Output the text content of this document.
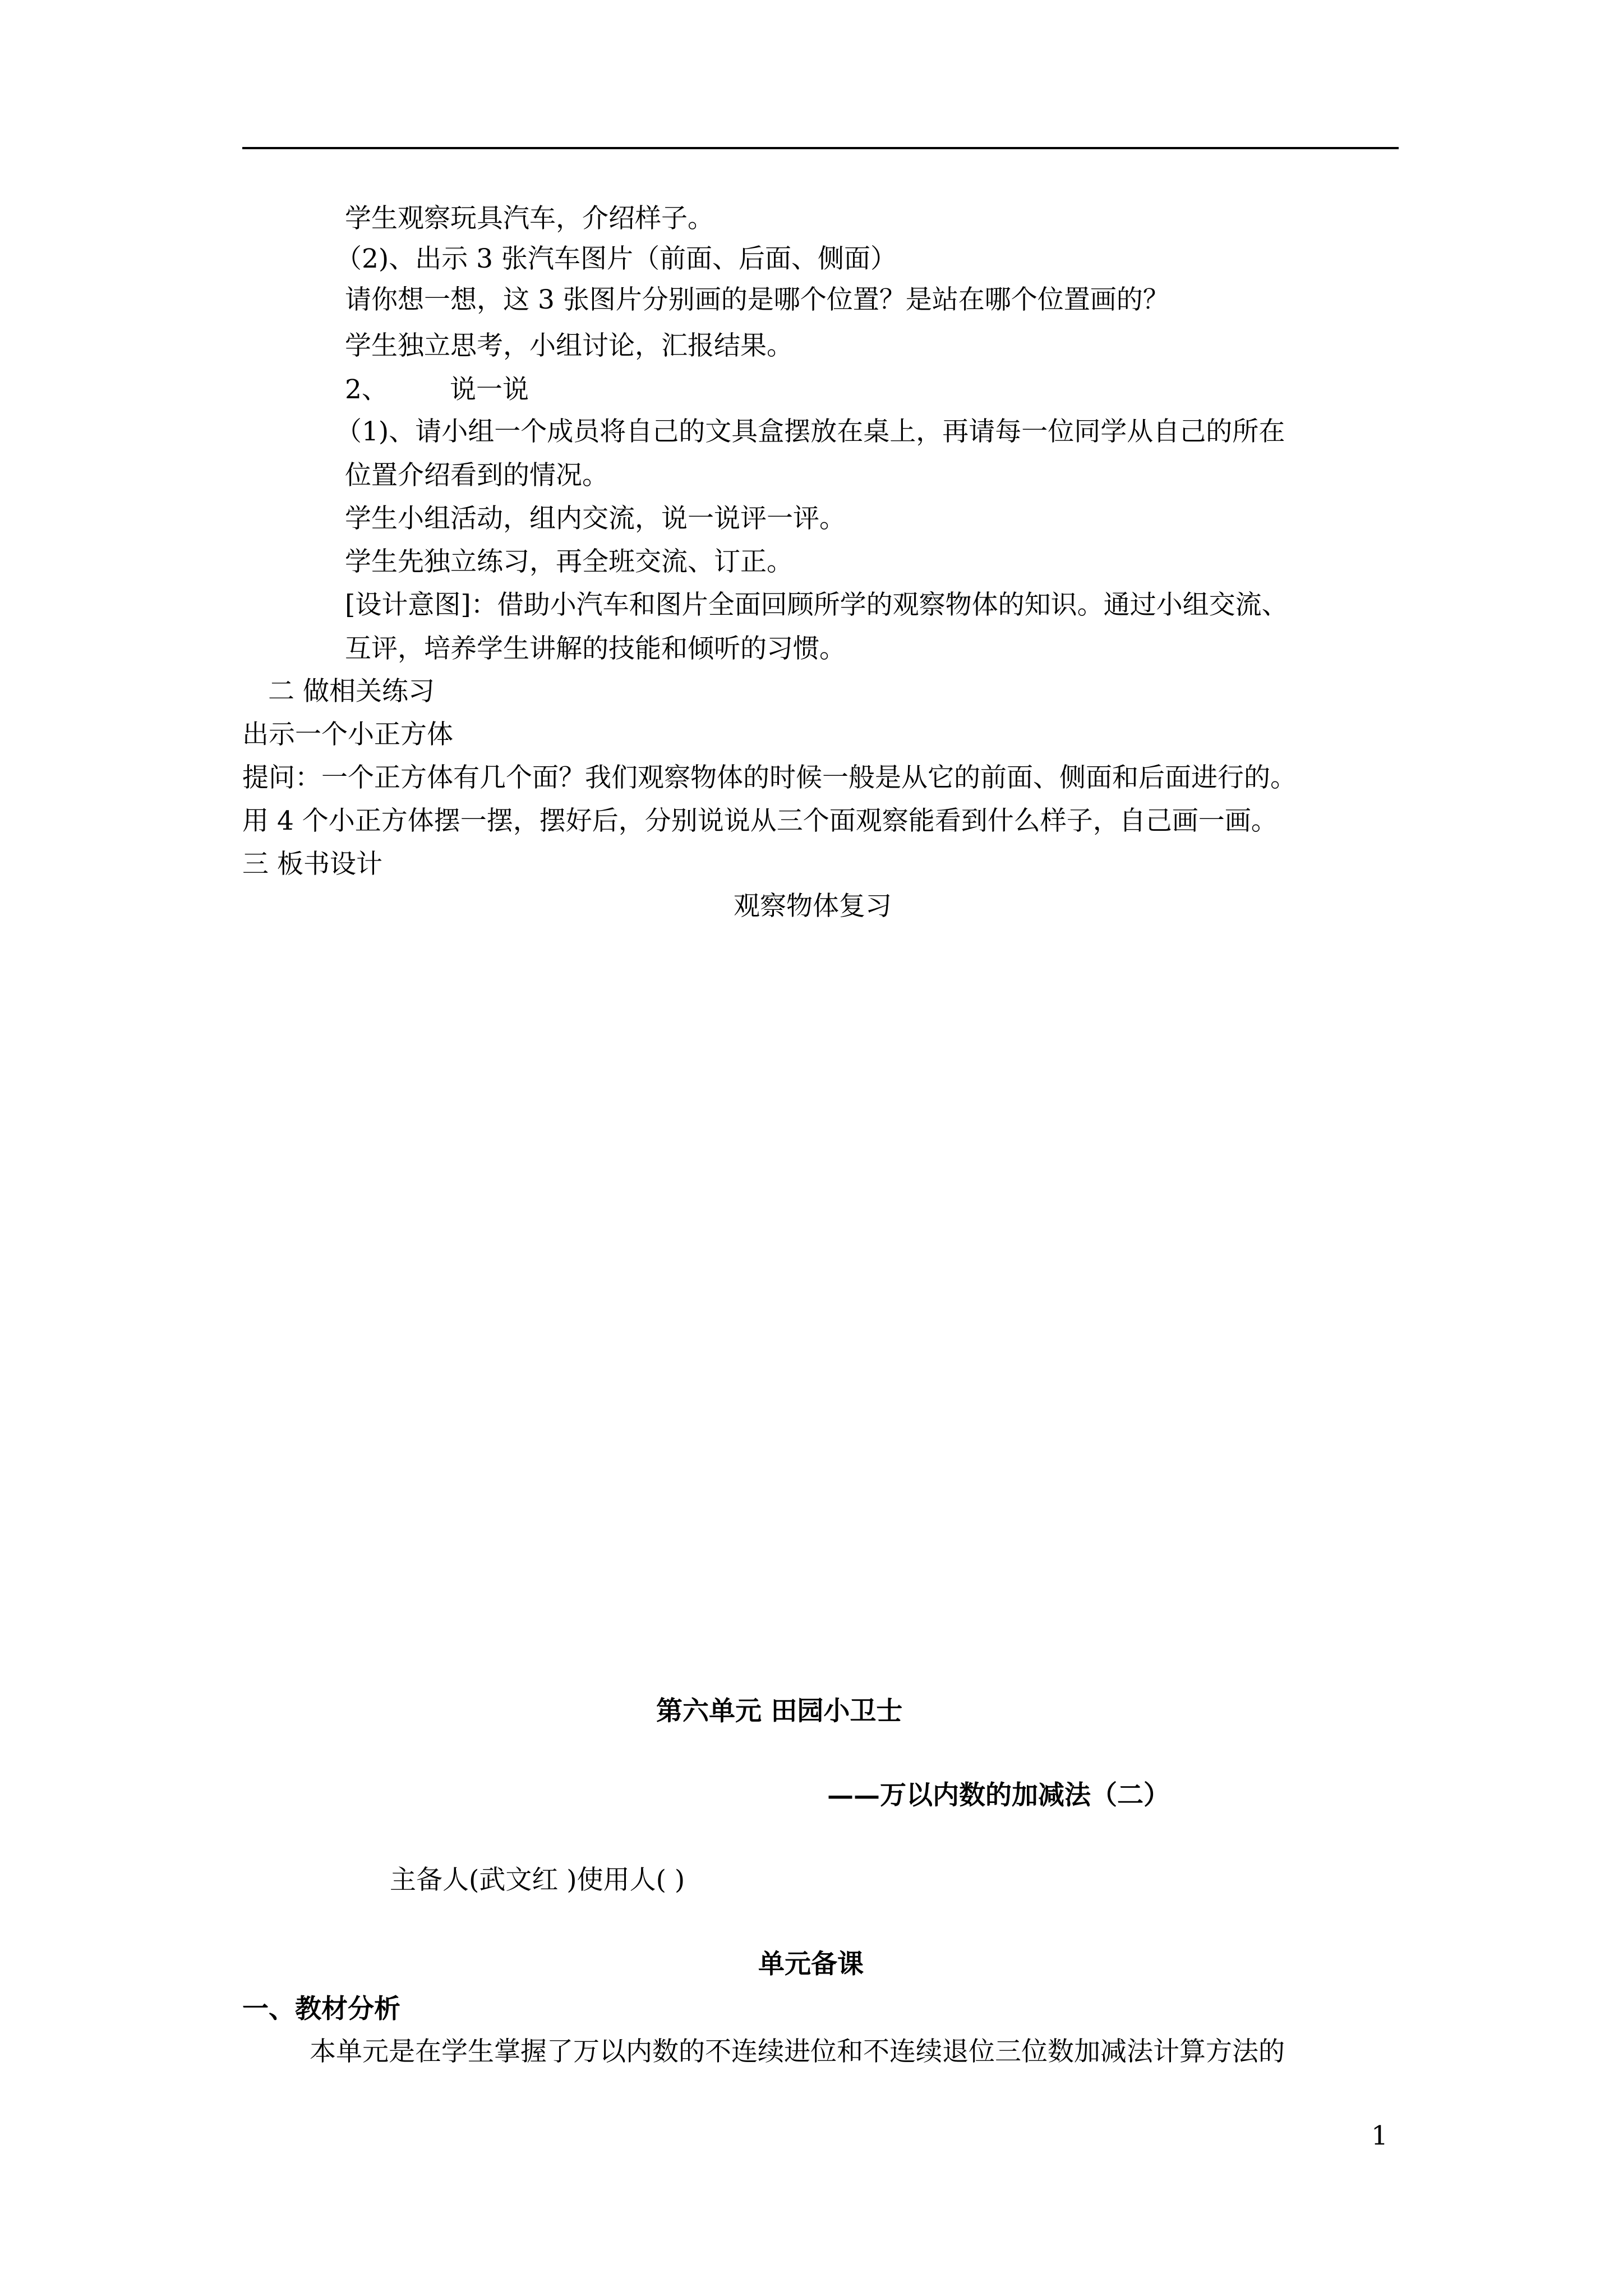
学生观察玩具汽车，介绍样子。
（2)、出示 3 张汽车图片（前面、后面、侧面）
请你想一想，这 3 张图片分别画的是哪个位置？是站在哪个位置画的？
学生独立思考，小组讨论，汇报结果。
2、 说一说
（1)、请小组一个成员将自己的文具盒摆放在桌上，再请每一位同学从自己的所在
位置介绍看到的情况。
学生小组活动，组内交流，说一说评一评。
学生先独立练习，再全班交流、订正。
[设计意图]：借助小汽车和图片全面回顾所学的观察物体的知识。通过小组交流、
互评，培养学生讲解的技能和倾听的习惯。
二 做相关练习
出示一个小正方体
提问：一个正方体有几个面？我们观察物体的时候一般是从它的前面、侧面和后面进行的。
用 4 个小正方体摆一摆，摆好后，分别说说从三个面观察能看到什么样子，自己画一画。
三 板书设计
观察物体复习
第六单元 田园小卫士
——万以内数的加减法（二）
主备人(武文红 )使用人( )
单元备课
一、教材分析
本单元是在学生掌握了万以内数的不连续进位和不连续退位三位数加减法计算方法的
1
